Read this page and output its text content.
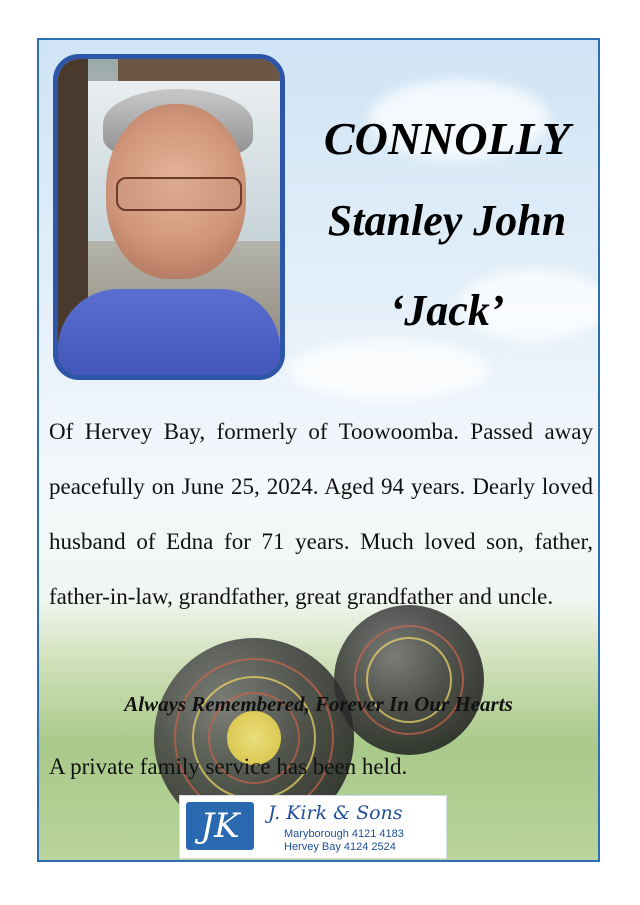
CONNOLLY
Stanley John
‘Jack’
Of Hervey Bay, formerly of Toowoomba. Passed away peacefully on June 25, 2024. Aged 94 years. Dearly loved husband of Edna for 71 years. Much loved son, father, father-in-law, grandfather, great grandfather and uncle.
Always Remembered, Forever In Our Hearts
A private family service has been held.
JK	J. Kirk & Sons
Maryborough 4121 4183
Hervey Bay 4124 2524
